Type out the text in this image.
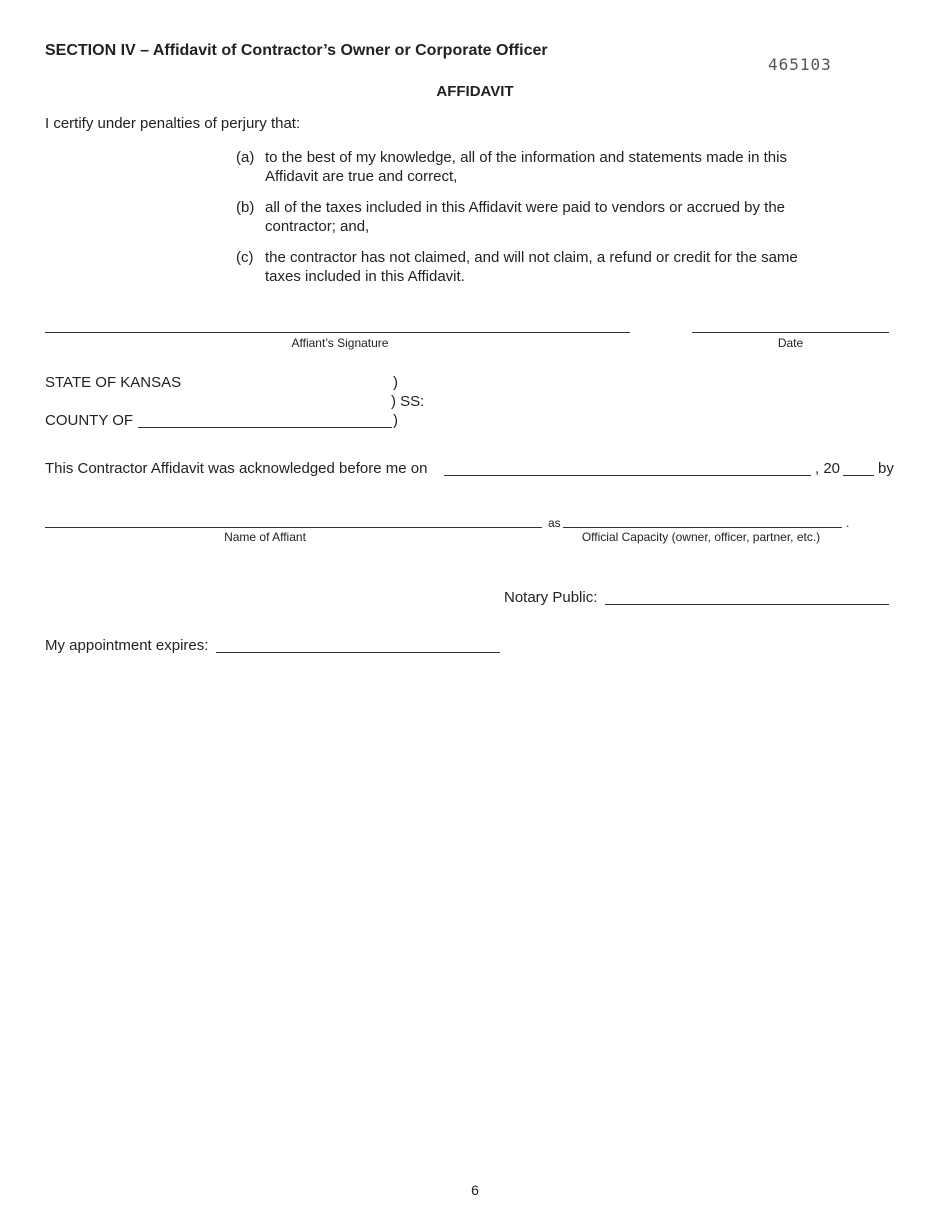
SECTION IV – Affidavit of Contractor’s Owner or Corporate Officer
465103
AFFIDAVIT
I certify under penalties of perjury that:
(a) to the best of my knowledge, all of the information and statements made in this Affidavit are true and correct,
(b) all of the taxes included in this Affidavit were paid to vendors or accrued by the contractor; and,
(c) the contractor has not claimed, and will not claim, a refund or credit for the same taxes included in this Affidavit.
Affiant’s Signature	Date
STATE OF KANSAS	)
) SS:
COUNTY OF	)
This Contractor Affidavit was acknowledged before me on	, 20	by
as	.
Name of Affiant	Official Capacity (owner, officer, partner, etc.)
Notary Public:
My appointment expires:
6
